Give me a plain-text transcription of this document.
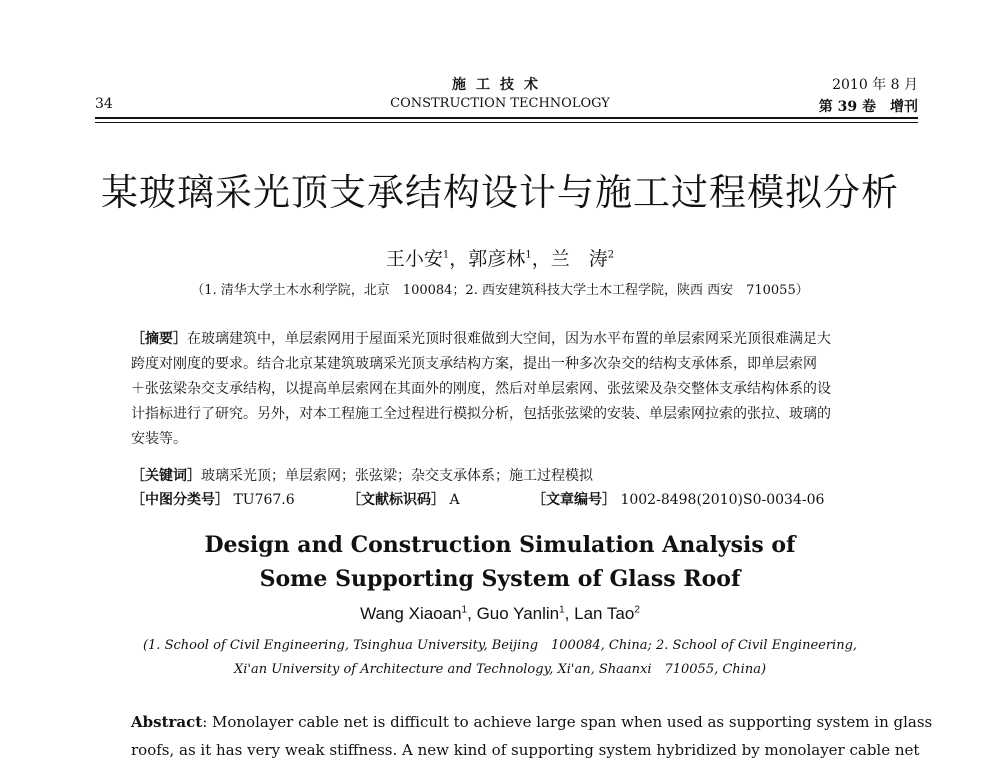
施工技术
CONSTRUCTION TECHNOLOGY
34
2010 年 8 月
第 39 卷　增刊
某玻璃采光顶支承结构设计与施工过程模拟分析
王小安$^1$，郭彦林$^1$，兰　涛$^2$
（1. 清华大学土木水利学院，北京　100084；2. 西安建筑科技大学土木工程学院，陕西 西安　710055）
［摘要］在玻璃建筑中，单层索网用于屋面采光顶时很难做到大空间，因为水平布置的单层索网采光顶很难满足大
跨度对刚度的要求。结合北京某建筑玻璃采光顶支承结构方案，提出一种多次杂交的结构支承体系，即单层索网
＋张弦梁杂交支承结构，以提高单层索网在其面外的刚度，然后对单层索网、张弦梁及杂交整体支承结构体系的设
计指标进行了研究。另外，对本工程施工全过程进行模拟分析，包括张弦梁的安装、单层索网拉索的张拉、玻璃的
安装等。
［关键词］玻璃采光顶；单层索网；张弦梁；杂交支承体系；施工过程模拟
［中图分类号］ TU767.6	［文献标识码］ A	［文章编号］ 1002-8498(2010)S0-0034-06
Design and Construction Simulation Analysis of
Some Supporting System of Glass Roof
Wang Xiaoan$^1$, Guo Yanlin$^1$, Lan Tao$^2$
(1. School of Civil Engineering, Tsinghua University, Beijing　100084, China; 2. School of Civil Engineering,
Xi'an University of Architecture and Technology, Xi'an, Shaanxi　710055, China)
Abstract: Monolayer cable net is difficult to achieve large span when used as supporting system in glass
roofs, as it has very weak stiffness. A new kind of supporting system hybridized by monolayer cable net
